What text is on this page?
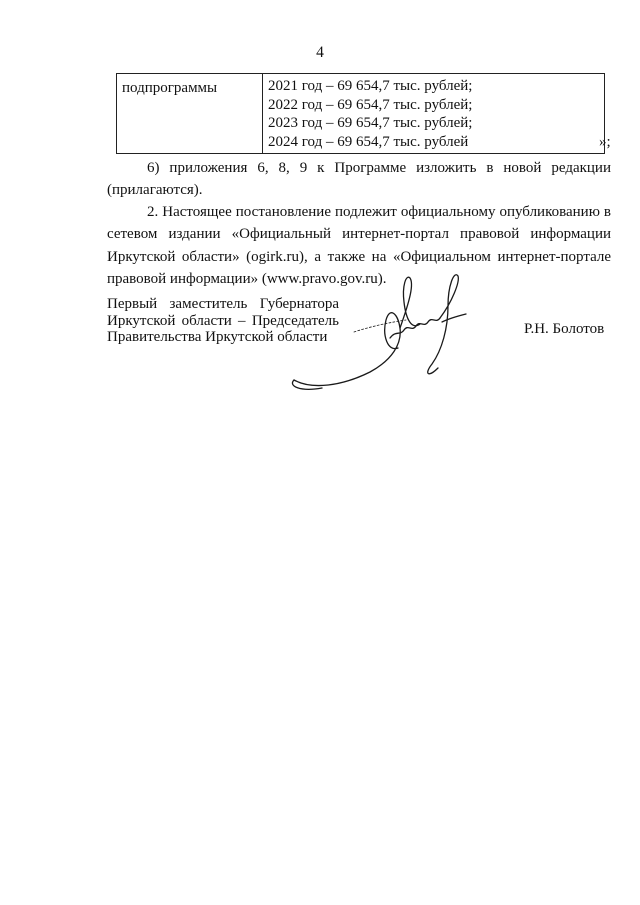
4
подпрограммы	2021 год – 69 654,7 тыс. рублей;
2022 год – 69 654,7 тыс. рублей;
2023 год – 69 654,7 тыс. рублей;
2024 год – 69 654,7 тыс. рублей	»;

6) приложения 6, 8, 9 к Программе изложить в новой редакции (прилагаются).

2. Настоящее постановление подлежит официальному опубликованию в сетевом издании «Официальный интернет-портал правовой информации Иркутской области» (ogirk.ru), а также на «Официальном интернет-портале правовой информации» (www.pravo.gov.ru).

Первый заместитель Губернатора
Иркутской области – Председатель
Правительства Иркутской области	Р.Н. Болотов
